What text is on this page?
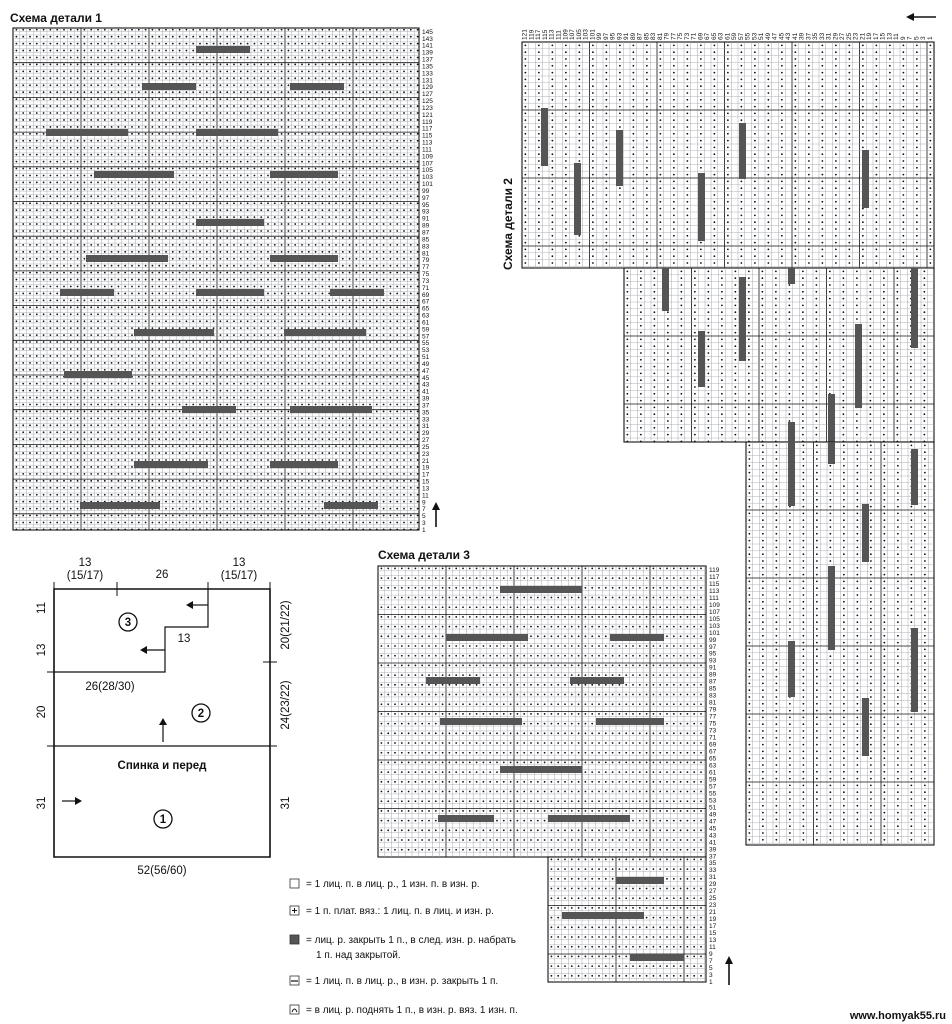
Схема детали 1
1
3
5
7
9
11
13
15
17
19
21
23
25
27
29
31
33
35
37
39
41
43
45
47
49
51
53
55
57
59
61
63
65
67
69
71
73
75
77
79
81
83
85
87
89
91
93
95
97
99
101
103
105
107
109
111
113
115
117
119
121
123
125
127
129
131
133
135
137
139
141
143
145
Схема детали 2
121 119 117 115 113 111 109 107 105 103 101 99 97 95 93 91 89 87 85 83 81 79 77 75 73 71 69 67 65 63 61 59 57 55 53 51 49 47 45 43 41 39 37 35 33 31 29 27 25 23 21 19 17 15 13 11 9 7 5 3 1
Схема детали 3
1
3
5
7
9
11
13
15
17
19
21
23
25
27
29
31
33
35
37
39
41
43
45
47
49
51
53
55
57
59
61
63
65
67
69
71
73
75
77
79
81
83
85
87
89
91
93
95
97
99
101
103
105
107
109
111
113
115
117
119
13
(15/17)	26
13
(15/17)
11
13
20
31
20(21/22)
24(23/22)
31
13
26(28/30)
52(56/60)
Спинка и перед
3
2
1
= 1 лиц. п. в лиц. р., 1 изн. п. в изн. р.
= 1 п. плат. вяз.: 1 лиц. п. в лиц. и изн. р.
= лиц. р. закрыть 1 п., в след. изн. р. набрать
1 п. над закрытой.
= 1 лиц. п. в лиц. р., в изн. р. закрыть 1 п.
= в лиц. р. поднять 1 п., в изн. р. вяз. 1 изн. п.	www.homyak55.ru
